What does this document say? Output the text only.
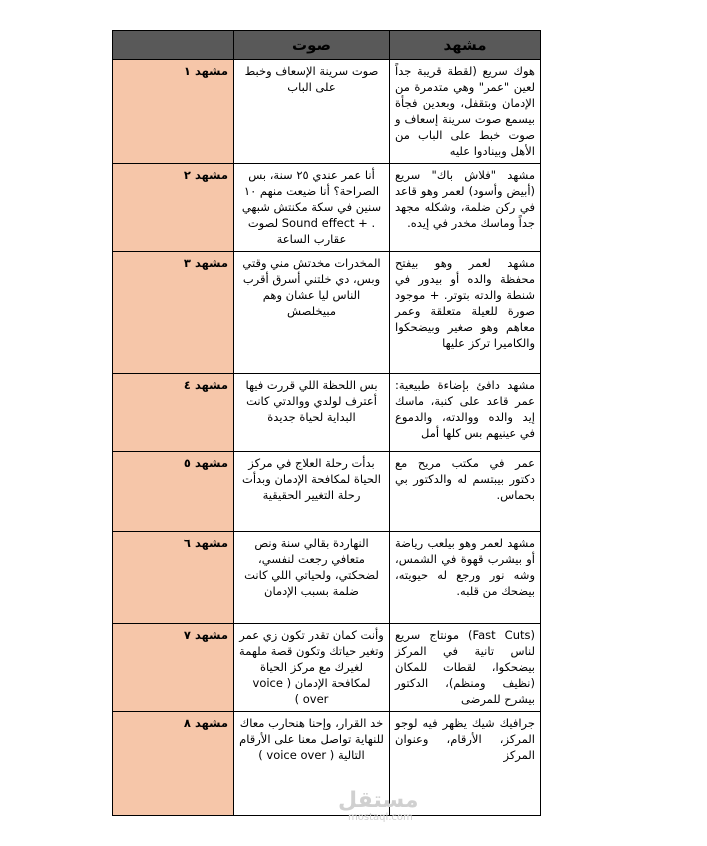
مشهد	صوت	
هوك سريع (لقطة قريبة جداً لعين "عمر" وهي متدمرة من الإدمان وبتقفل، وبعدين فجأة بيسمع صوت سرينة إسعاف و صوت خبط على الباب من الأهل وبينادوا عليه	صوت سرينة الإسعاف وخبط على الباب	مشهد ١
مشهد "فلاش باك" سريع (أبيض وأسود) لعمر وهو قاعد في ركن ضلمة، وشكله مجهد جداً وماسك مخدر في إيده.	أنا عمر عندي ٢٥ سنة، بس الصراحة؟ أنا ضيعت منهم ١٠ سنين في سكة مكنتش شبهي . + Sound effect لصوت عقارب الساعة	مشهد ٢
مشهد لعمر وهو بيفتح محفظة والده أو بيدور في شنطة والدته بتوتر. + موجود صورة للعيلة متعلقة وعمر معاهم وهو صغير وبيضحكوا والكاميرا تركز عليها	المخدرات مخدتش مني وقتي وبس، دي خلتني أسرق أقرب الناس ليا عشان وهم مبيخلصش	مشهد ٣
مشهد دافئ بإضاءة طبيعية: عمر قاعد على كنبة، ماسك إيد والده ووالدته، والدموع في عينيهم بس كلها أمل	بس اللحظة اللي قررت فيها أعترف لولدي ووالدتي كانت البداية لحياة جديدة	مشهد ٤
عمر في مكتب مريح مع دكتور بيبتسم له والدكتور بي بحماس.	بدأت رحلة العلاج في مركز الحياة لمكافحة الإدمان وبدأت رحلة التغيير الحقيقية	مشهد ٥
مشهد لعمر وهو بيلعب رياضة أو بيشرب قهوة في الشمس، وشه نور ورجع له حيويته، بيضحك من قلبه.	النهاردة بقالي سنة ونص متعافي رجعت لنفسي، لضحكتي، ولحياتي اللي كانت ضلمة بسبب الإدمان	مشهد ٦
(Fast Cuts) مونتاج سريع لناس تانية في المركز بيضحكوا، لقطات للمكان (نظيف ومنظم)، الدكتور بيشرح للمرضى	وأنت كمان تقدر تكون زي عمر وتغير حياتك وتكون قصة ملهمة لغيرك مع مركز الحياة لمكافحة الإدمان ( voice over )	مشهد ٧
جرافيك شيك يظهر فيه لوجو المركز، الأرقام، وعنوان المركز	خد القرار، وإحنا هنحارب معاك للنهاية تواصل معنا على الأرقام التالية ( voice over )	مشهد ٨
مستقل
mostaql.com
